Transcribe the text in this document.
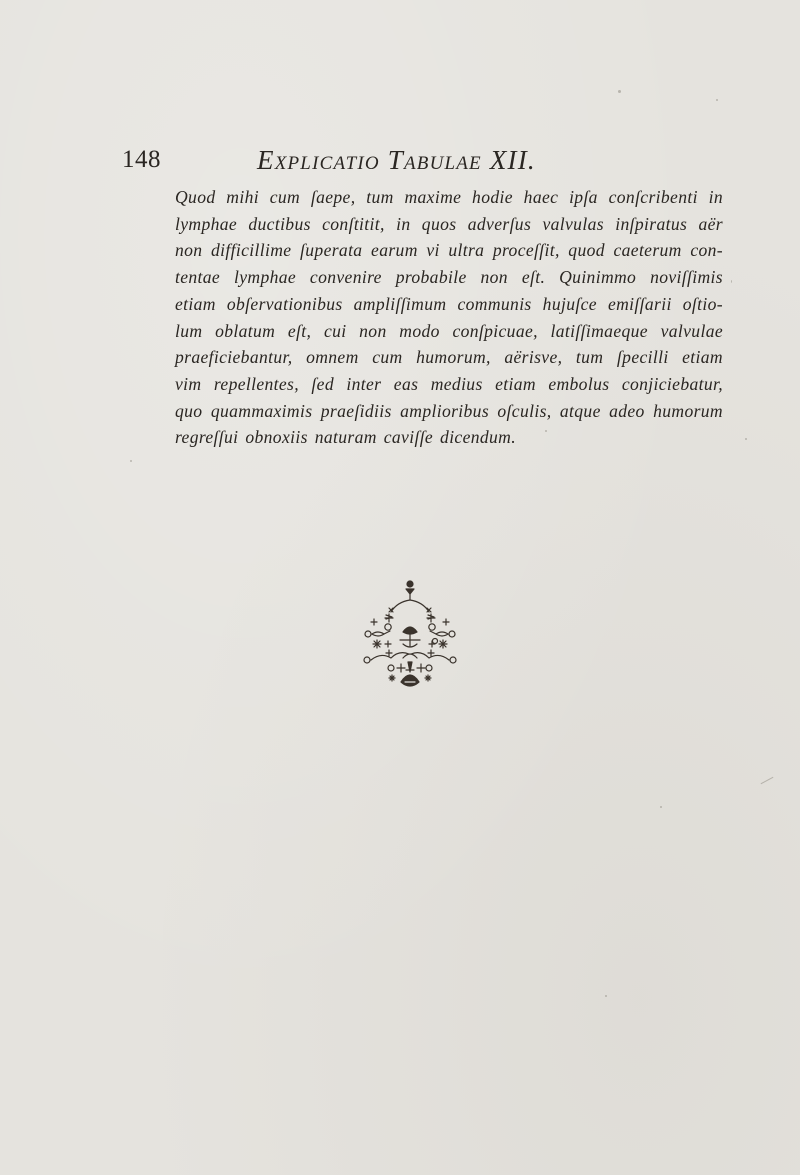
148	Explicatio Tabulae XII.
Quod mihi cum ſaepe, tum maxime hodie haec ipſa conſcribenti in
lymphae ductibus conſtitit, in quos adverſus valvulas inſpiratus aër
non difficillime ſuperata earum vi ultra proceſſit, quod caeterum con-
tentae lymphae convenire probabile non eſt. Quinimmo noviſſimis
etiam obſervationibus ampliſſimum communis hujuſce emiſſarii oſtio-
lum oblatum eſt, cui non modo conſpicuae, latiſſimaeque valvulae
praeficiebantur, omnem cum humorum, aërisve, tum ſpecilli etiam
vim repellentes, ſed inter eas medius etiam embolus conjiciebatur,
quo quammaximis praeſidiis amplioribus oſculis, atque adeo humorum
regreſſui obnoxiis naturam caviſſe dicendum.
